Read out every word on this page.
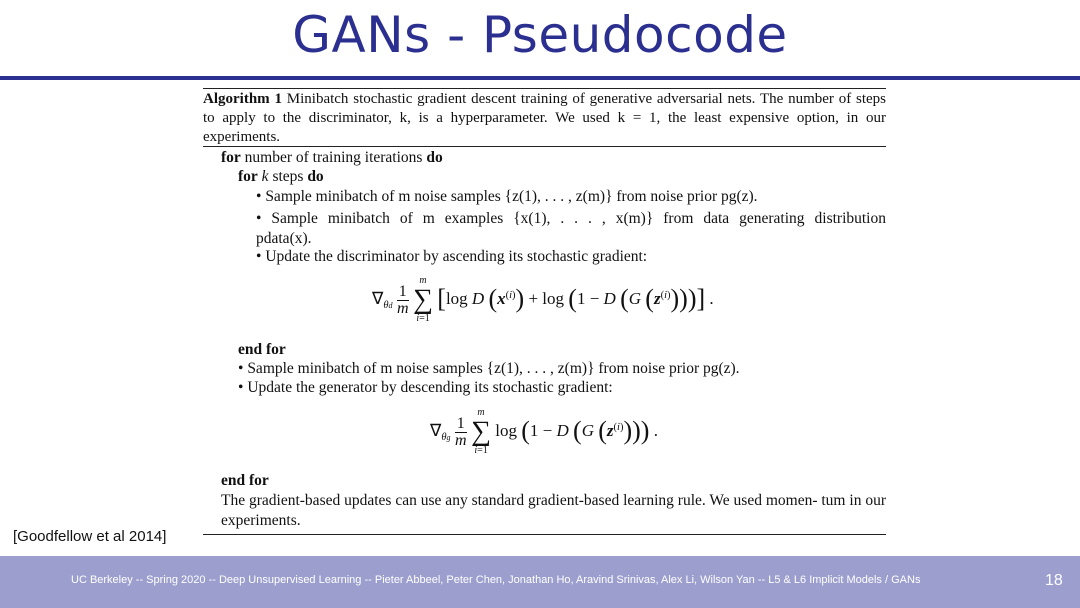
GANs - Pseudocode
Algorithm 1 Minibatch stochastic gradient descent training of generative adversarial nets. The number of steps to apply to the discriminator, k, is a hyperparameter. We used k = 1, the least expensive option, in our experiments.
for number of training iterations do
for k steps do
• Sample minibatch of m noise samples {z(1), . . . , z(m)} from noise prior pg(z).
• Sample minibatch of m examples {x(1), . . . , x(m)} from data generating distribution
pdata(x).
• Update the discriminator by ascending its stochastic gradient:
$\nabla_{\theta d} \frac{1}{m}$

m
∑
i=1
[log D $(x^{(i)}) + \log (1 - D$ (G $(z^{(i)})$))] .
end for
• Sample minibatch of m noise samples {z(1), . . . , z(m)} from noise prior pg(z).
• Update the generator by descending its stochastic gradient:
$\nabla_{\theta g} \frac{1}{m}$

m
∑
i=1
log (1 − D (G $(z^{(i)})$)) .
end for
The gradient-based updates can use any standard gradient-based learning rule. We used momen- tum in our experiments.
[Goodfellow et al 2014]
UC Berkeley -- Spring 2020 -- Deep Unsupervised Learning -- Pieter Abbeel, Peter Chen, Jonathan Ho, Aravind Srinivas, Alex Li, Wilson Yan -- L5 & L6 Implicit Models / GANs	18
